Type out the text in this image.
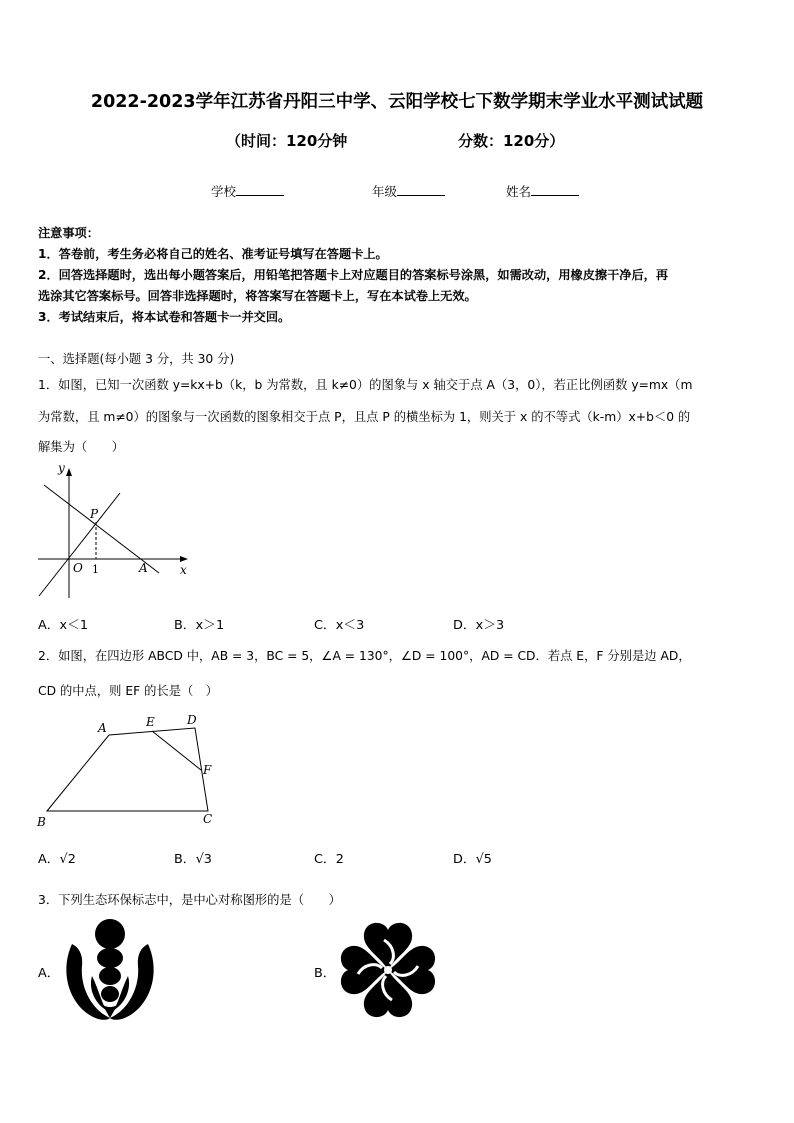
2022-2023学年江苏省丹阳三中学、云阳学校七下数学期末学业水平测试试题
（时间：120分钟	分数：120分）
学校	年级	姓名
注意事项：
1．答卷前，考生务必将自己的姓名、准考证号填写在答题卡上。
2．回答选择题时，选出每小题答案后，用铅笔把答题卡上对应题目的答案标号涂黑，如需改动，用橡皮擦干净后，再
选涂其它答案标号。回答非选择题时，将答案写在答题卡上，写在本试卷上无效。
3．考试结束后，将本试卷和答题卡一并交回。
一、选择题(每小题 3 分，共 30 分)
1．如图，已知一次函数 y=kx+b（k，b 为常数，且 k≠0）的图象与 x 轴交于点 A（3，0），若正比例函数 y=mx（m
为常数，且 m≠0）的图象与一次函数的图象相交于点 P，且点 P 的横坐标为 1，则关于 x 的不等式（k-m）x+b＜0 的
解集为（　　）
y
x
P
O 1	A
A．x＜1	B．x＞1	C．x＜3	D．x＞3
2．如图，在四边形 ABCD 中，AB = 3，BC = 5，∠A = 130°，∠D = 100°，AD = CD．若点 E，F 分别是边 AD，
CD 的中点，则 EF 的长是（　）
A
B	C
D
E
F
A．√2	B．√3	C．2	D．√5
3．下列生态环保标志中，是中心对称图形的是（　　）
A．	B．
